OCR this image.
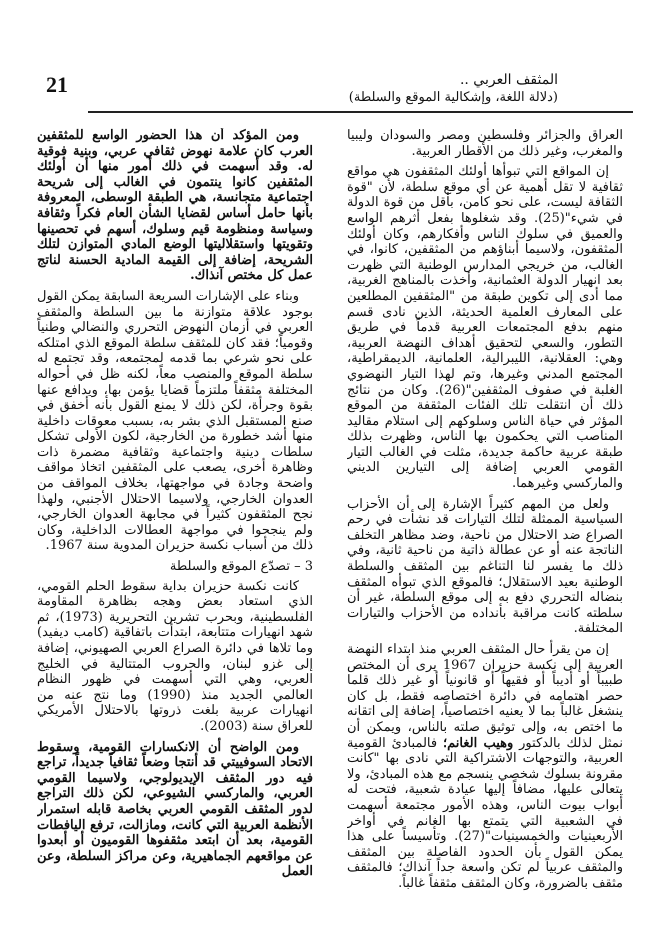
21	المثقف العربي ..
(دلالة اللغة، وإشكالية الموقع والسلطة)

العراق والجزائر وفلسطين ومصر والسودان وليبيا والمغرب، وغير ذلك من الأقطار العربية.

إن المواقع التي تبوأها أولئك المثقفون هي مواقع ثقافية لا تقل أهمية عن أي موقع سلطة، لأن "قوة الثقافة ليست، على نحو كامن، بأقل من قوة الدولة في شيء"(25). وقد شغلوها بفعل أثرهم الواسع والعميق في سلوك الناس وأفكارهم، وكان أولئك المثقفون، ولاسيما أبناؤهم من المثقفين، كانوا، في الغالب، من خريجي المدارس الوطنية التي ظهرت بعد انهيار الدولة العثمانية، وأخذت بالمناهج الغربية، مما أدى إلى تكوين طبقة من "المثقفين المطلعين على المعارف العلمية الحديثة، الذين نادى قسم منهم بدفع المجتمعات العربية قدماً في طريق التطور، والسعي لتحقيق أهداف النهضة العربية، وهي: العقلانية، الليبرالية، العلمانية، الديمقراطية، المجتمع المدني وغيرها، وتم لهذا التيار النهضوي الغلبة في صفوف المثقفين"(26). وكان من نتائج ذلك أن انتقلت تلك الفئات المثقفة من الموقع المؤثر في حياة الناس وسلوكهم إلى استلام مقاليد المناصب التي يحكمون بها الناس، وظهرت بذلك طبقة عربية حاكمة جديدة، مثلت في الغالب التيار القومي العربي إضافة إلى التيارين الديني والماركسي وغيرهما.

ولعل من المهم كثيراً الإشارة إلى أن الأحزاب السياسية الممثلة لتلك التيارات قد نشأت في رحم الصراع ضد الاحتلال من ناحية، وضد مظاهر التخلف الناتجة عنه أو عن عطالة ذاتية من ناحية ثانية، وفي ذلك ما يفسر لنا التناغم بين المثقف والسلطة الوطنية بعيد الاستقلال؛ فالموقع الذي تبوأه المثقف بنضاله التحرري دفع به إلى موقع السلطة، غير أن سلطته كانت مراقبة بأنداده من الأحزاب والتيارات المختلفة.

إن من يقرأ حال المثقف العربي منذ ابتداء النهضة العربية إلى نكسة حزيران 1967 يرى أن المختص طبيباً أو أديباً أو فقيهاً أو قانونياً أو غير ذلك قلما حصر اهتمامه في دائرة اختصاصه فقط، بل كان ينشغل غالباً بما لا يعنيه اختصاصياً، إضافة إلى اتقانه ما اختص به، وإلى توثيق صلته بالناس، ويمكن أن نمثل لذلك بالدكتور وهيب الغانم؛ فالمبادئ القومية العربية، والتوجهات الاشتراكية التي نادى بها "كانت مقرونة بسلوك شخصي ينسجم مع هذه المبادئ، ولا يتعالى عليها، مضافاً إليها عيادة شعبية، فتحت له أبواب بيوت الناس، وهذه الأمور مجتمعة أسهمت في الشعبية التي يتمتع بها الغانم في أواخر الأربعينيات والخمسينيات"(27). وتأسيساً على هذا يمكن القول بأن الحدود الفاصلة بين المثقف والمثقف عربياً لم تكن واسعة جداً آنذاك؛ فالمثقف مثقف بالضرورة، وكان المثقف مثقفاً غالباً.

ومن المؤكد أن هذا الحضور الواسع للمثقفين العرب كان علامة نهوض ثقافي عربي، وبنية فوقية له. وقد أسهمت في ذلك أمور منها أن أولئك المثقفين كانوا ينتمون في الغالب إلى شريحة اجتماعية متجانسة، هي الطبقة الوسطى، المعروفة بأنها حامل أساس لقضايا الشأن العام فكراً وثقافة وسياسة ومنظومة قيم وسلوك، أسهم في تحصينها وتقويتها واستقلاليتها الوضع المادي المتوازن لتلك الشريحة، إضافة إلى القيمة المادية الحسنة لناتج عمل كل مختص آنذاك.

وبناء على الإشارات السريعة السابقة يمكن القول بوجود علاقة متوازنة ما بين السلطة والمثقف العربي في أزمان النهوض التحرري والنضالي وطنياً وقومياً؛ فقد كان للمثقف سلطة الموقع الذي امتلكه على نحو شرعي بما قدمه لمجتمعه، وقد تجتمع له سلطة الموقع والمنصب معاً، لكنه ظل في أحواله المختلفة مثقفاً ملتزماً قضايا يؤمن بها، ويدافع عنها بقوة وجرأة، لكن ذلك لا يمنع القول بأنه أخفق في صنع المستقبل الذي بشر به، بسبب معوقات داخلية منها أشد خطورة من الخارجية، لكون الأولى تشكل سلطات دينية واجتماعية وثقافية مضمرة ذات وظاهرة أخرى، يصعب على المثقفين اتخاذ مواقف واضحة وجادة في مواجهتها، بخلاف المواقف من العدوان الخارجي، ولاسيما الاحتلال الأجنبي، ولهذا نجح المثقفون كثيراً في مجابهة العدوان الخارجي، ولم ينجحوا في مواجهة العطالات الداخلية، وكان ذلك من أسباب نكسة حزيران المدوية سنة 1967.

3 – تصدّع الموقع والسلطة

كانت نكسة حزيران بداية سقوط الحلم القومي، الذي استعاد بعض وهجه بظاهرة المقاومة الفلسطينية، وبحرب تشرين التحريرية (1973)، ثم شهد انهيارات متتابعة، ابتدأت باتفاقية (كامب ديفيد) وما تلاها في دائرة الصراع العربي الصهيوني، إضافة إلى غزو لبنان، والحروب المتتالية في الخليج العربي، وهي التي أسهمت في ظهور النظام العالمي الجديد منذ (1990) وما نتج عنه من انهيارات عربية بلغت ذروتها بالاحتلال الأمريكي للعراق سنة (2003).

ومن الواضح أن الانكسارات القومية، وسقوط الاتحاد السوفييتي قد أنتجا وضعاً ثقافياً جديداً، تراجع فيه دور المثقف الإيديولوجي، ولاسيما القومي العربي، والماركسي الشيوعي، لكن ذلك التراجع لدور المثقف القومي العربي بخاصة قابله استمرار الأنظمة العربية التي كانت، ومازالت، ترفع اليافطات القومية، بعد أن ابتعد مثقفوها القوميون أو أبعدوا عن مواقعهم الجماهيرية، وعن مراكز السلطة، وعن العمل
